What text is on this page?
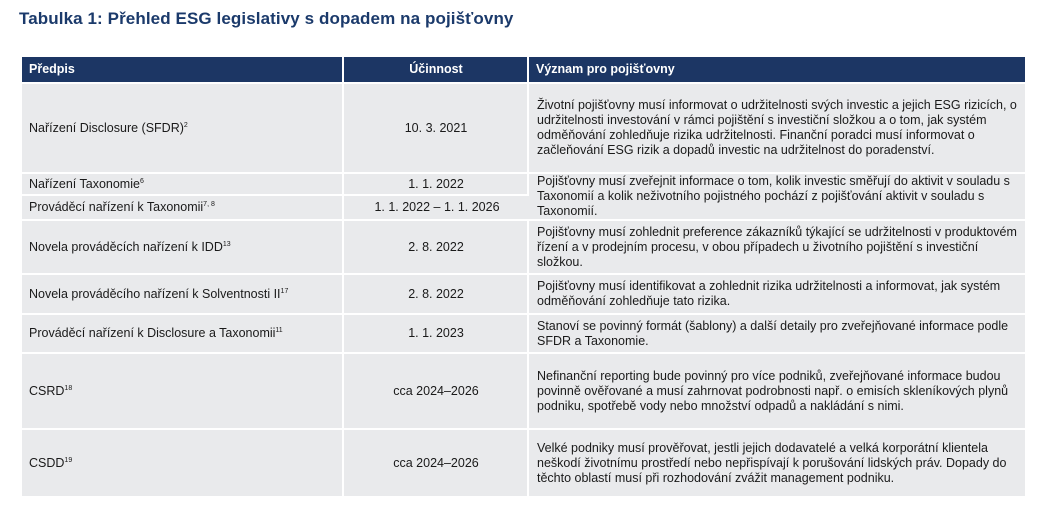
Tabulka 1: Přehled ESG legislativy s dopadem na pojišťovny
Předpis	Účinnost	Význam pro pojišťovny
Nařízení Disclosure (SFDR)$^2$	10. 3. 2021	Životní pojišťovny musí informovat o udržitelnosti svých investic a jejich ESG rizicích, o udržitelnosti investování v rámci pojištění s investiční složkou a o tom, jak systém odměňování zohledňuje rizika udržitelnosti. Finanční poradci musí informovat o začleňování ESG rizik a dopadů investic na udržitelnost do poradenství.
Nařízení Taxonomie$^6$	1. 1. 2022	Pojišťovny musí zveřejnit informace o tom, kolik investic směřují do aktivit v souladu s Taxonomií a kolik neživotního pojistného pochází z pojišťování aktivit v souladu s Taxonomií.
Prováděcí nařízení k Taxonomii$^{7, 8}$	1. 1. 2022 – 1. 1. 2026	
Novela prováděcích nařízení k IDD$^{13}$	2. 8. 2022	Pojišťovny musí zohlednit preference zákazníků týkající se udržitelnosti v produktovém řízení a v prodejním procesu, v obou případech u životního pojištění s investiční složkou.
Novela prováděcího nařízení k Solventnosti II$^{17}$	2. 8. 2022	Pojišťovny musí identifikovat a zohlednit rizika udržitelnosti a informovat, jak systém odměňování zohledňuje tato rizika.
Prováděcí nařízení k Disclosure a Taxonomii$^{11}$	1. 1. 2023	Stanoví se povinný formát (šablony) a další detaily pro zveřejňované informace podle SFDR a Taxonomie.
CSRD$^{18}$	cca 2024–2026	Nefinanční reporting bude povinný pro více podniků, zveřejňované informace budou povinně ověřované a musí zahrnovat podrobnosti např. o emisích skleníkových plynů podniku, spotřebě vody nebo množství odpadů a nakládání s nimi.
CSDD$^{19}$	cca 2024–2026	Velké podniky musí prověřovat, jestli jejich dodavatelé a velká korporátní klientela neškodí životnímu prostředí nebo nepřispívají k porušování lidských práv. Dopady do těchto oblastí musí při rozhodování zvážit management podniku.
